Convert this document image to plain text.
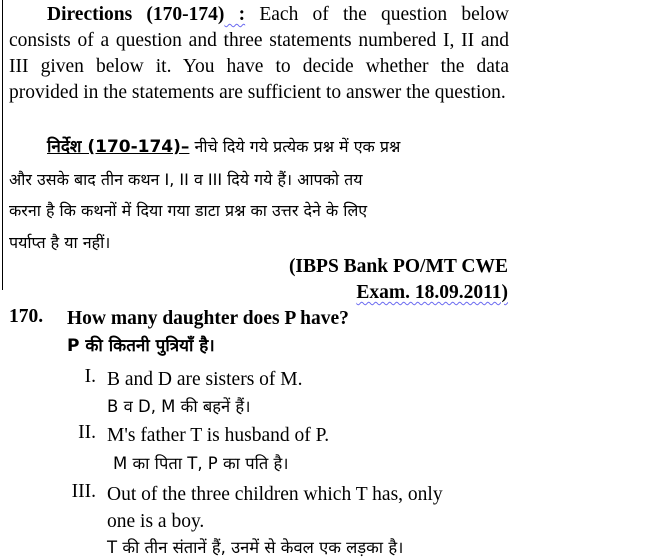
Directions (170-174) : Each of the question below consists of a question and three statements numbered I, II and III given below it. You have to decide whether the data provided in the statements are sufficient to answer the question.
निर्देश (170-174)– नीचे दिये गये प्रत्येक प्रश्न में एक प्रश्न
और उसके बाद तीन कथन I, II व III दिये गये हैं। आपको तय
करना है कि कथनों में दिया गया डाटा प्रश्न का उत्तर देने के लिए
पर्याप्त है या नहीं।
(IBPS Bank PO/MT CWE
Exam. 18.09.2011)
170. How many daughter does P have?
P की कितनी पुत्रियाँ है।
I. B and D are sisters of M.
B व D, M की बहनें हैं।
II. M's father T is husband of P.
M का पिता T, P का पति है।
III. Out of the three children which T has, only
one is a boy.
T की तीन संतानें हैं, उनमें से केवल एक लड़का है।
